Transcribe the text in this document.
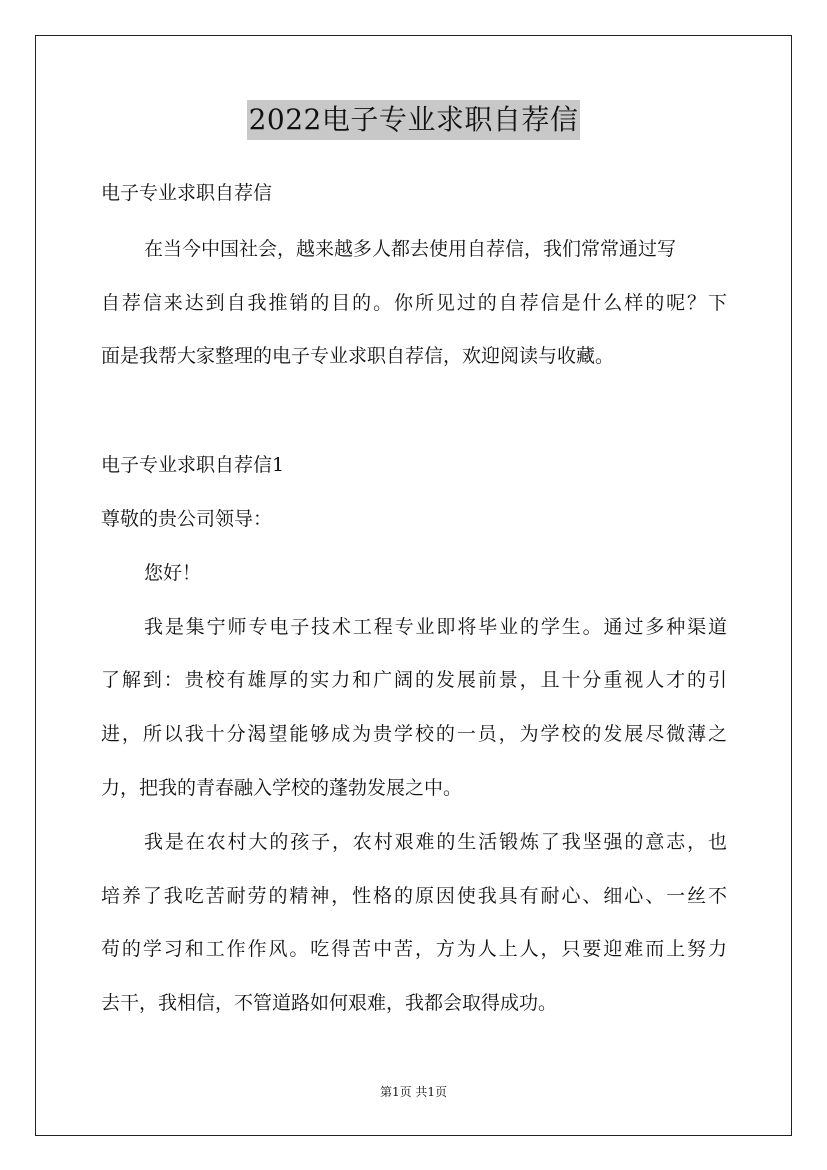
2022电子专业求职自荐信
电子专业求职自荐信
在当今中国社会，越来越多人都去使用自荐信，我们常常通过写
自荐信来达到自我推销的目的。你所见过的自荐信是什么样的呢？下
面是我帮大家整理的电子专业求职自荐信，欢迎阅读与收藏。
电子专业求职自荐信1
尊敬的贵公司领导：
您好！
我是集宁师专电子技术工程专业即将毕业的学生。通过多种渠道
了解到：贵校有雄厚的实力和广阔的发展前景，且十分重视人才的引
进，所以我十分渴望能够成为贵学校的一员，为学校的发展尽微薄之
力，把我的青春融入学校的蓬勃发展之中。
我是在农村大的孩子，农村艰难的生活锻炼了我坚强的意志，也
培养了我吃苦耐劳的精神，性格的原因使我具有耐心、细心、一丝不
苟的学习和工作作风。吃得苦中苦，方为人上人，只要迎难而上努力
去干，我相信，不管道路如何艰难，我都会取得成功。
第1页 共1页
